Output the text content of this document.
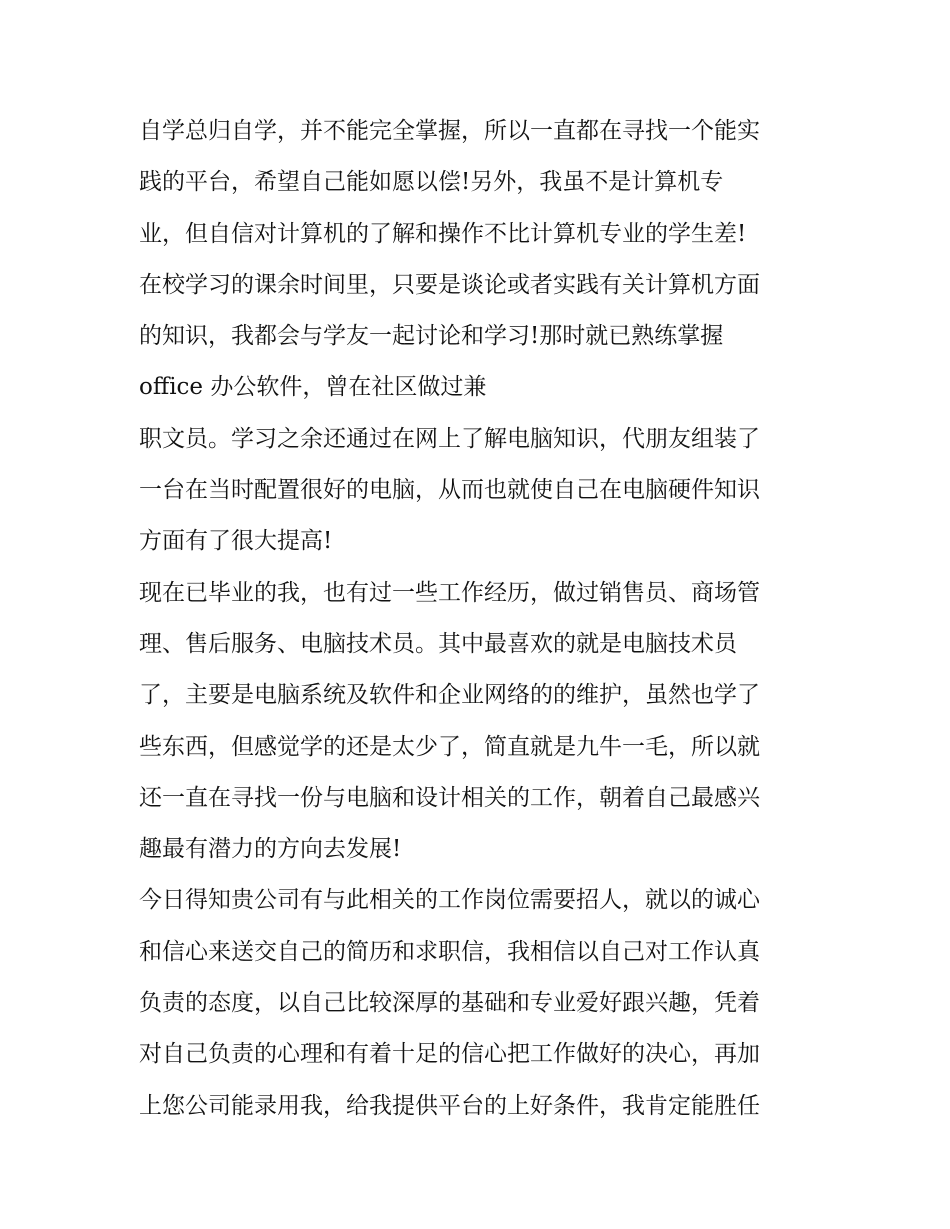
自学总归自学，并不能完全掌握，所以一直都在寻找一个能实
践的平台，希望自己能如愿以偿!另外，我虽不是计算机专
业，但自信对计算机的了解和操作不比计算机专业的学生差!
在校学习的课余时间里，只要是谈论或者实践有关计算机方面
的知识，我都会与学友一起讨论和学习!那时就已熟练掌握
office 办公软件，曾在社区做过兼
职文员。学习之余还通过在网上了解电脑知识，代朋友组装了
一台在当时配置很好的电脑，从而也就使自己在电脑硬件知识
方面有了很大提高!
现在已毕业的我，也有过一些工作经历，做过销售员、商场管
理、售后服务、电脑技术员。其中最喜欢的就是电脑技术员
了，主要是电脑系统及软件和企业网络的的维护，虽然也学了
些东西，但感觉学的还是太少了，简直就是九牛一毛，所以就
还一直在寻找一份与电脑和设计相关的工作，朝着自己最感兴
趣最有潜力的方向去发展!
今日得知贵公司有与此相关的工作岗位需要招人，就以的诚心
和信心来送交自己的简历和求职信，我相信以自己对工作认真
负责的态度，以自己比较深厚的基础和专业爱好跟兴趣，凭着
对自己负责的心理和有着十足的信心把工作做好的决心，再加
上您公司能录用我，给我提供平台的上好条件，我肯定能胜任
